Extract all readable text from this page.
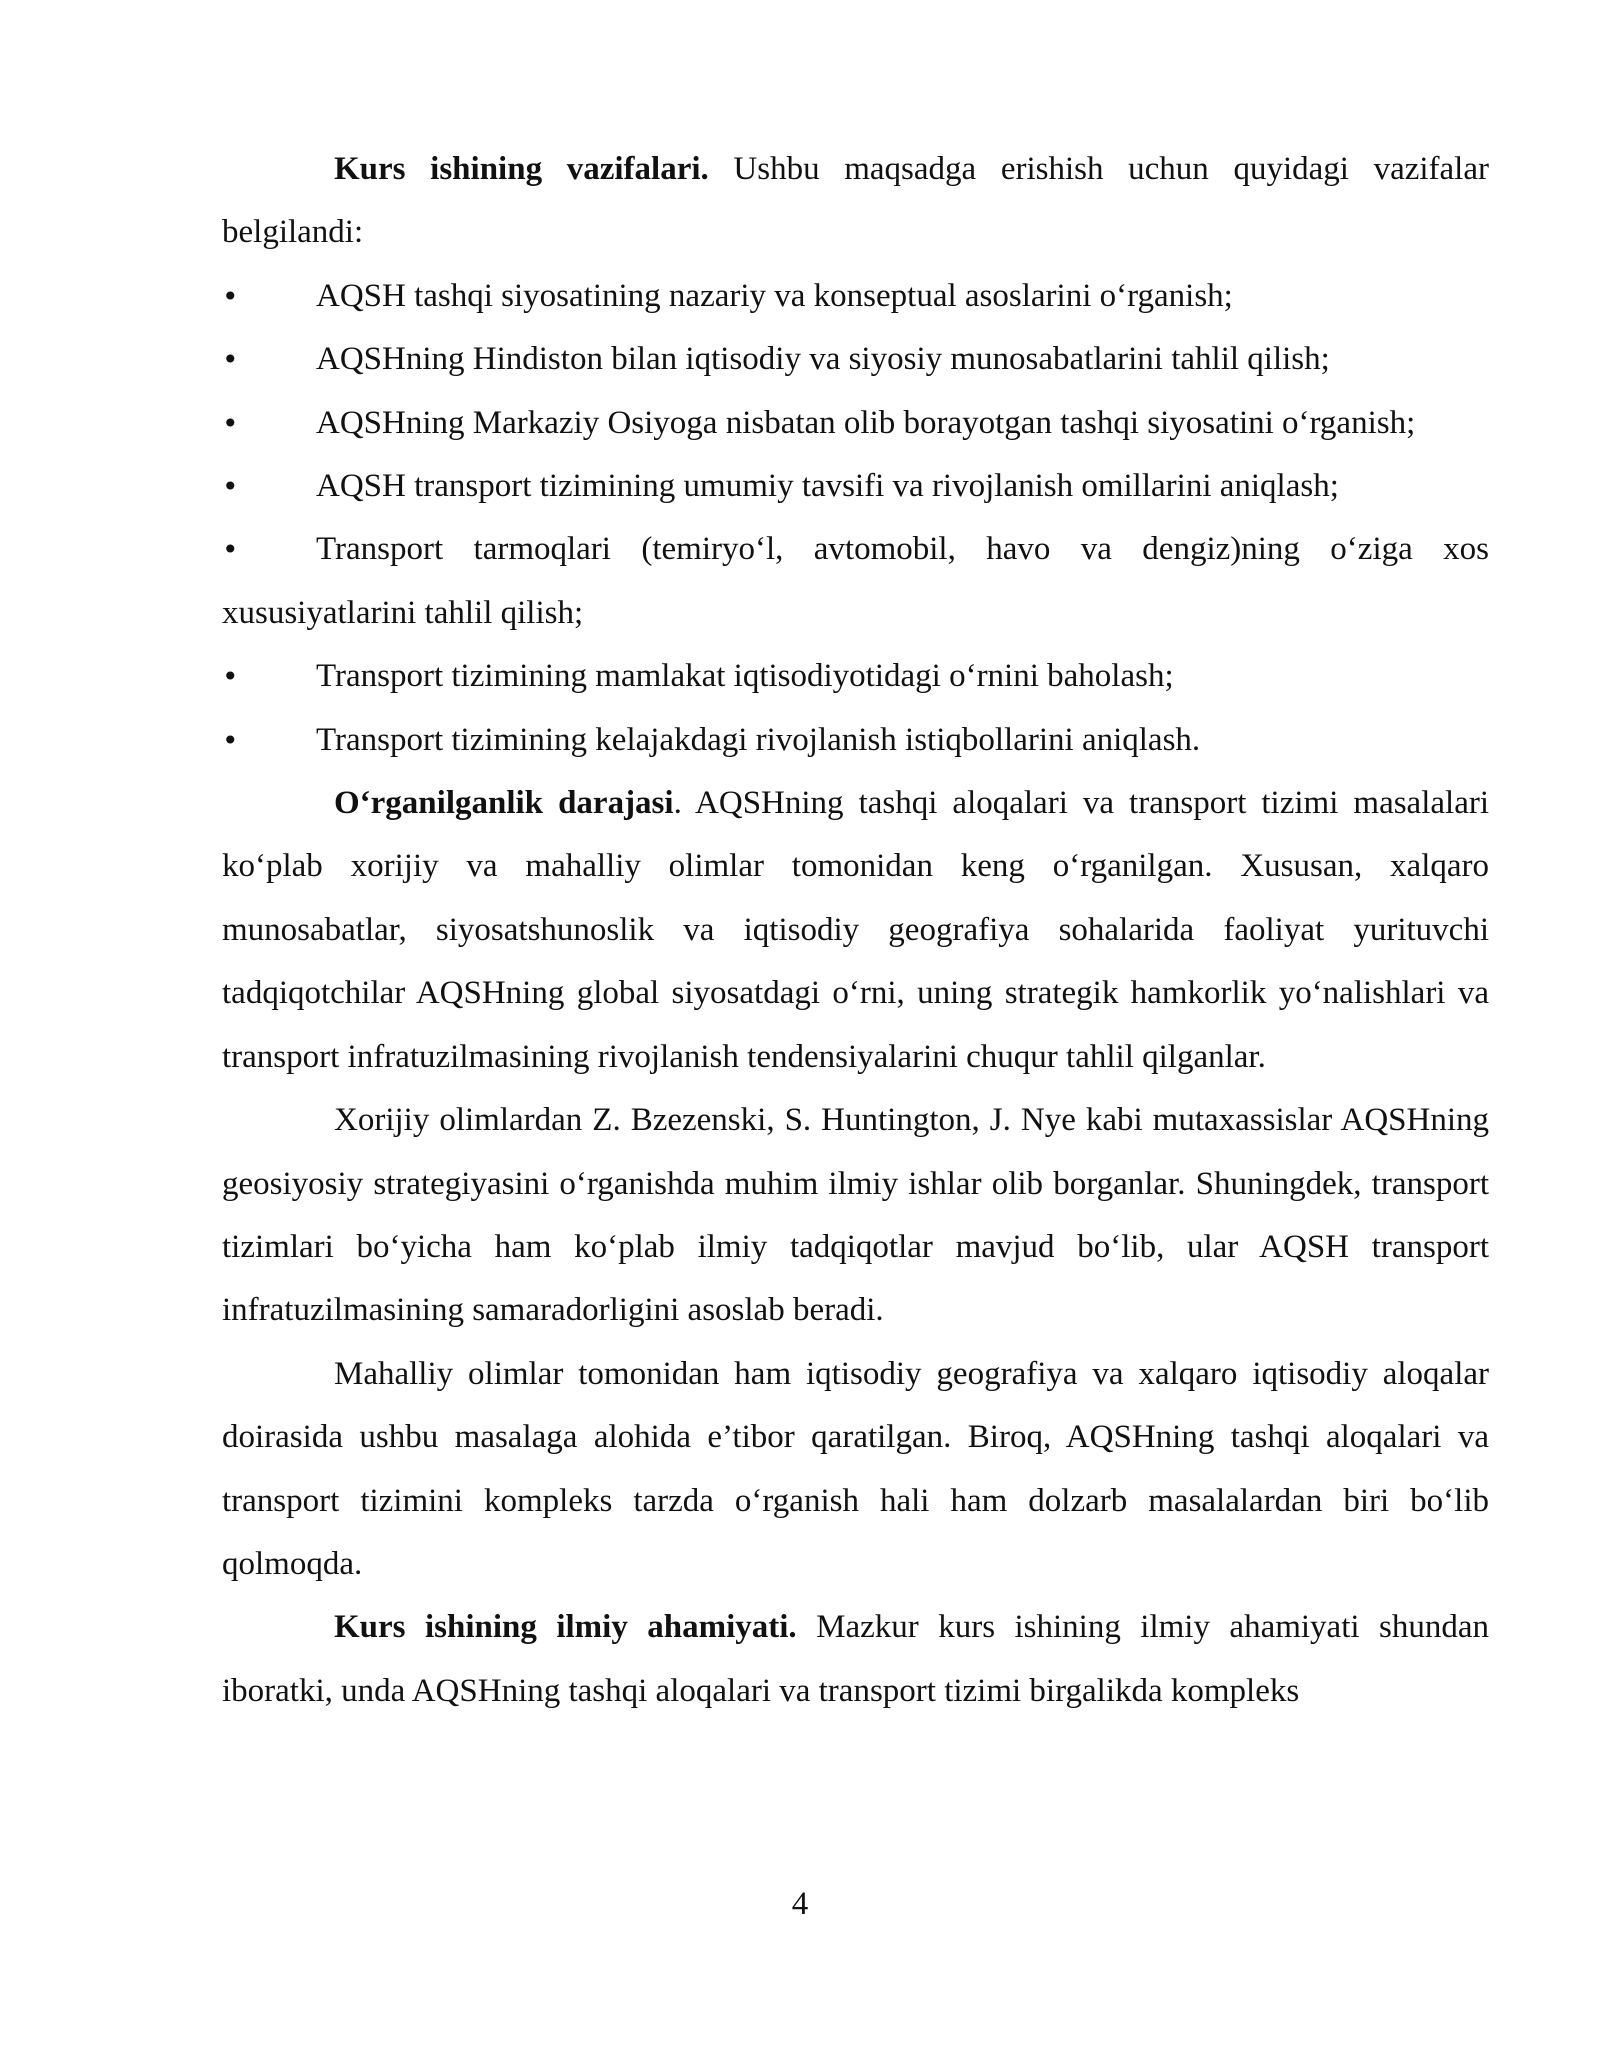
Kurs ishining vazifalari. Ushbu maqsadga erishish uchun quyidagi vazifalar belgilandi:

• AQSH tashqi siyosatining nazariy va konseptual asoslarini o‘rganish;
• AQSHning Hindiston bilan iqtisodiy va siyosiy munosabatlarini tahlil qilish;
• AQSHning Markaziy Osiyoga nisbatan olib borayotgan tashqi siyosatini o‘rganish;
• AQSH transport tizimining umumiy tavsifi va rivojlanish omillarini aniqlash;
• Transport tarmoqlari (temiryo‘l, avtomobil, havo va dengiz)ning o‘ziga xos xususiyatlarini tahlil qilish;
• Transport tizimining mamlakat iqtisodiyotidagi o‘rnini baholash;
• Transport tizimining kelajakdagi rivojlanish istiqbollarini aniqlash.

O‘rganilganlik darajasi. AQSHning tashqi aloqalari va transport tizimi masalalari ko‘plab xorijiy va mahalliy olimlar tomonidan keng o‘rganilgan. Xususan, xalqaro munosabatlar, siyosatshunoslik va iqtisodiy geografiya sohalarida faoliyat yurituvchi tadqiqotchilar AQSHning global siyosatdagi o‘rni, uning strategik hamkorlik yo‘nalishlari va transport infratuzilmasining rivojlanish tendensiyalarini chuqur tahlil qilganlar.

Xorijiy olimlardan Z. Bzezenski, S. Huntington, J. Nye kabi mutaxassislar AQSHning geosiyosiy strategiyasini o‘rganishda muhim ilmiy ishlar olib borganlar. Shuningdek, transport tizimlari bo‘yicha ham ko‘plab ilmiy tadqiqotlar mavjud bo‘lib, ular AQSH transport infratuzilmasining samaradorligini asoslab beradi.

Mahalliy olimlar tomonidan ham iqtisodiy geografiya va xalqaro iqtisodiy aloqalar doirasida ushbu masalaga alohida e’tibor qaratilgan. Biroq, AQSHning tashqi aloqalari va transport tizimini kompleks tarzda o‘rganish hali ham dolzarb masalalardan biri bo‘lib qolmoqda.

Kurs ishining ilmiy ahamiyati. Mazkur kurs ishining ilmiy ahamiyati shundan iboratki, unda AQSHning tashqi aloqalari va transport tizimi birgalikda kompleks

4
